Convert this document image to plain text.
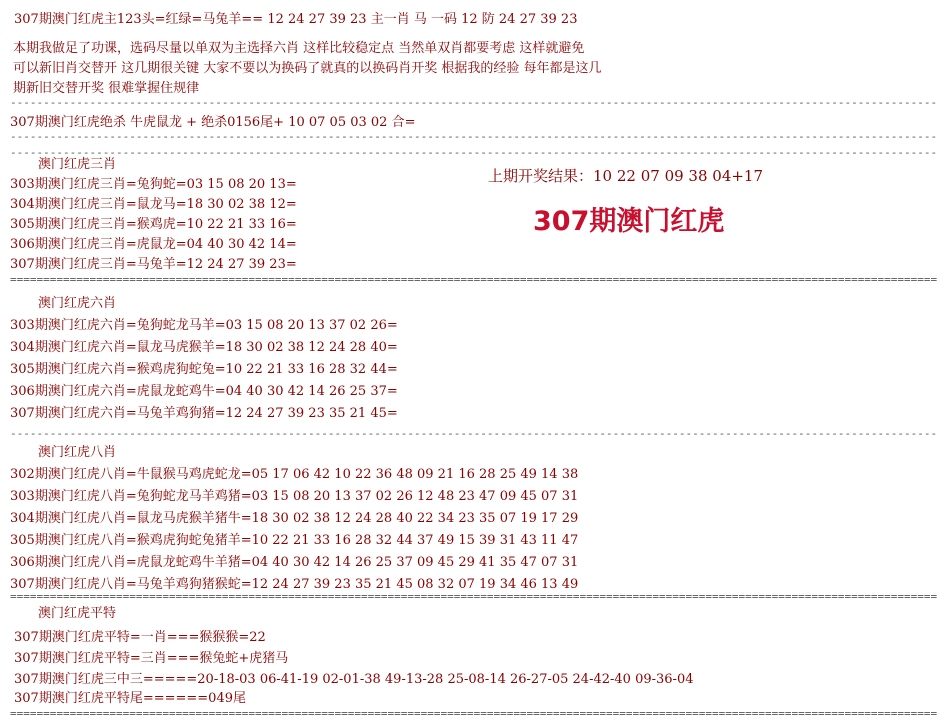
307期澳门红虎主123头=红绿=马兔羊== 12 24 27 39 23 主一肖 马 一码 12 防 24 27 39 23
本期我做足了功课，选码尽量以单双为主选择六肖 这样比较稳定点 当然单双肖都要考虑 这样就避免
可以新旧肖交替开 这几期很关键 大家不要以为换码了就真的以换码肖开奖 根据我的经验 每年都是这几
期新旧交替开奖 很难掌握住规律
--------------------------------------------------------------------------------------------------------------------------------------------
307期澳门红虎绝杀 牛虎鼠龙 + 绝杀0156尾+ 10 07 05 03 02 合=
--------------------------------------------------------------------------------------------------------------------------------------------
--------------------------------------------------------------------------------------------------------------------------------------------
上期开奖结果：10 22 07 09 38 04+17
307期澳门红虎
澳门红虎三肖
303期澳门红虎三肖=兔狗蛇=03 15 08 20 13=
304期澳门红虎三肖=鼠龙马=18 30 02 38 12=
305期澳门红虎三肖=猴鸡虎=10 22 21 33 16=
306期澳门红虎三肖=虎鼠龙=04 40 30 42 14=
307期澳门红虎三肖=马兔羊=12 24 27 39 23=
============================================================================================================================================
澳门红虎六肖
303期澳门红虎六肖=兔狗蛇龙马羊=03 15 08 20 13 37 02 26=
304期澳门红虎六肖=鼠龙马虎猴羊=18 30 02 38 12 24 28 40=
305期澳门红虎六肖=猴鸡虎狗蛇兔=10 22 21 33 16 28 32 44=
306期澳门红虎六肖=虎鼠龙蛇鸡牛=04 40 30 42 14 26 25 37=
307期澳门红虎六肖=马兔羊鸡狗猪=12 24 27 39 23 35 21 45=
--------------------------------------------------------------------------------------------------------------------------------------------
澳门红虎八肖
302期澳门红虎八肖=牛鼠猴马鸡虎蛇龙=05 17 06 42 10 22 36 48 09 21 16 28 25 49 14 38
303期澳门红虎八肖=兔狗蛇龙马羊鸡猪=03 15 08 20 13 37 02 26 12 48 23 47 09 45 07 31
304期澳门红虎八肖=鼠龙马虎猴羊猪牛=18 30 02 38 12 24 28 40 22 34 23 35 07 19 17 29
305期澳门红虎八肖=猴鸡虎狗蛇兔猪羊=10 22 21 33 16 28 32 44 37 49 15 39 31 43 11 47
306期澳门红虎八肖=虎鼠龙蛇鸡牛羊猪=04 40 30 42 14 26 25 37 09 45 29 41 35 47 07 31
307期澳门红虎八肖=马兔羊鸡狗猪猴蛇=12 24 27 39 23 35 21 45 08 32 07 19 34 46 13 49
============================================================================================================================================
澳门红虎平特
307期澳门红虎平特=一肖===猴猴猴=22
307期澳门红虎平特=三肖===猴兔蛇+虎猪马
307期澳门红虎三中三=====20-18-03 06-41-19 02-01-38 49-13-28 25-08-14 26-27-05 24-42-40 09-36-04
307期澳门红虎平特尾======049尾
============================================================================================================================================
